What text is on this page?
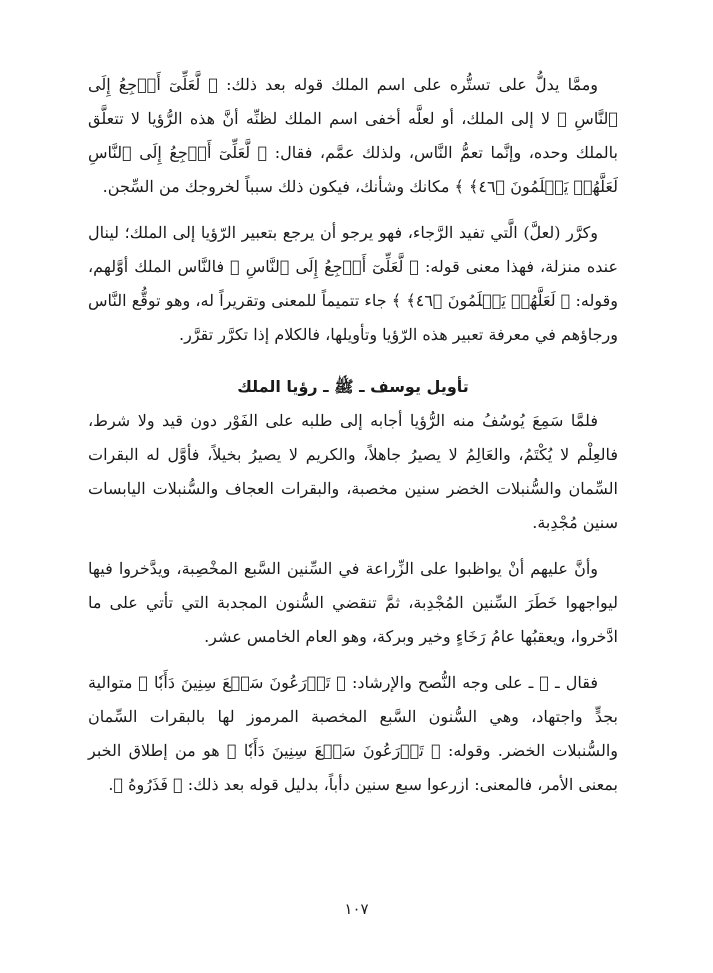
وممَّا يدلُّ على تستُّره على اسم الملك قوله بعد ذلك: ﴿ لَّعَلِّىٓ أَرۡجِعُ إِلَى ٱلنَّاسِ ﴾ لا إلى الملك، أو لعلَّه أخفى اسم الملك لظنِّه أنَّ هذه الرُّؤيا لا تتعلَّق بالملك وحده، وإنَّما تعمُّ النَّاس، ولذلك عمَّم، فقال: ﴿ لَّعَلِّىٓ أَرۡجِعُ إِلَى ٱلنَّاسِ لَعَلَّهُمۡ يَعۡلَمُونَ ﴿٤٦﴾ ﴾ مكانك وشأنك، فيكون ذلك سبباً لخروجك من السِّجن.

وكرَّر (لعلَّ) الَّتي تفيد الرَّجاء، فهو يرجو أن يرجع بتعبير الرّؤيا إلى الملك؛ لينال عنده منزلة، فهذا معنى قوله: ﴿ لَّعَلِّىٓ أَرۡجِعُ إِلَى ٱلنَّاسِ ﴾ فالنَّاس الملك أوَّلهم، وقوله: ﴿ لَعَلَّهُمۡ يَعۡلَمُونَ ﴿٤٦﴾ ﴾ جاء تتميماً للمعنى وتقريراً له، وهو توقُّع النَّاس ورجاؤهم في معرفة تعبير هذه الرّؤيا وتأويلها، فالكلام إذا تكرَّر تقرَّر.

تأويل يوسف ـ ﷺ ـ رؤيا الملك

فلمَّا سَمِعَ يُوسُفُ منه الرُّؤيا أجابه إلى طلبه على الفَوْر دون قيد ولا شرط، فالعِلْم لا يُكْتَمُ، والعَالِمُ لا يصيرُ جاهلاً، والكريم لا يصيرُ بخيلاً، فأوَّل له البقرات السِّمان والسُّنبلات الخضر سنين مخصبة، والبقرات العجاف والسُّنبلات اليابسات سنين مُجْدِبة.

وأنَّ عليهم أنْ يواظبوا على الزِّراعة في السِّنين السَّبع المخْصِبة، ويدَّخروا فيها ليواجهوا خَطَرَ السِّنين المُجْدِبة، ثمَّ تنقضي السُّنون المجدبة التي تأتي على ما ادَّخروا، ويعقبُها عامُ رَخَاءٍ وخير وبركة، وهو العام الخامس عشر.

فقال ـ ﷺ ـ على وجه النُّصح والإرشاد: ﴿ تَزۡرَعُونَ سَبۡعَ سِنِينَ دَأَبٗا ﴾ متوالية بجدٍّ واجتهاد، وهي السُّنون السَّبع المخصبة المرموز لها بالبقرات السِّمان والسُّنبلات الخضر. وقوله: ﴿ تَزۡرَعُونَ سَبۡعَ سِنِينَ دَأَبٗا ﴾ هو من إطلاق الخبر بمعنى الأمر، فالمعنى: ازرعوا سبع سنين دأباً، بدليل قوله بعد ذلك: ﴿ فَذَرُوهُ ﴾.

١٠٧
